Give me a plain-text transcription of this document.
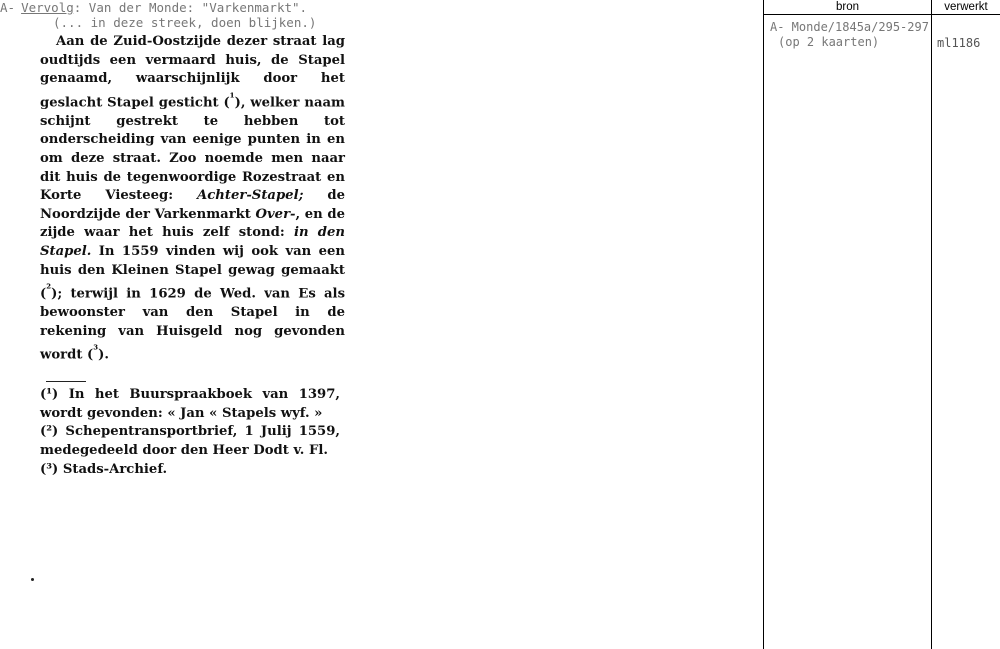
A- Vervolg: Van der Monde: "Varkenmarkt".
(... in deze streek, doen blijken.)

Aan de Zuid-Oostzijde dezer straat lag oudtijds een vermaard huis, de Stapel genaamd, waarschijnlijk door het geslacht Stapel gesticht ($^{^1}$), welker naam schijnt gestrekt te hebben tot onderscheiding van eenige punten in en om deze straat. Zoo noemde men naar dit huis de tegenwoordige Rozestraat en Korte Viesteeg: Achter-Stapel; de Noordzijde der Varkenmarkt Over-, en de zijde waar het huis zelf stond: in den Stapel. In 1559 vinden wij ook van een huis den Kleinen Stapel gewag gemaakt ($^{^2}$); terwijl in 1629 de Wed. van Es als bewoonster van den Stapel in de rekening van Huisgeld nog gevonden wordt ($^{^3}$).

(¹) In het Buurspraakboek van 1397, wordt gevonden: « Jan « Stapels wyf. »

(²) Schepentransportbrief, 1 Julij 1559, medegedeeld door den Heer Dodt v. Fl.

(³) Stads-Archief.

bron	verwerkt
A- Monde/1845a/295-297
(op 2 kaarten)	ml1186
